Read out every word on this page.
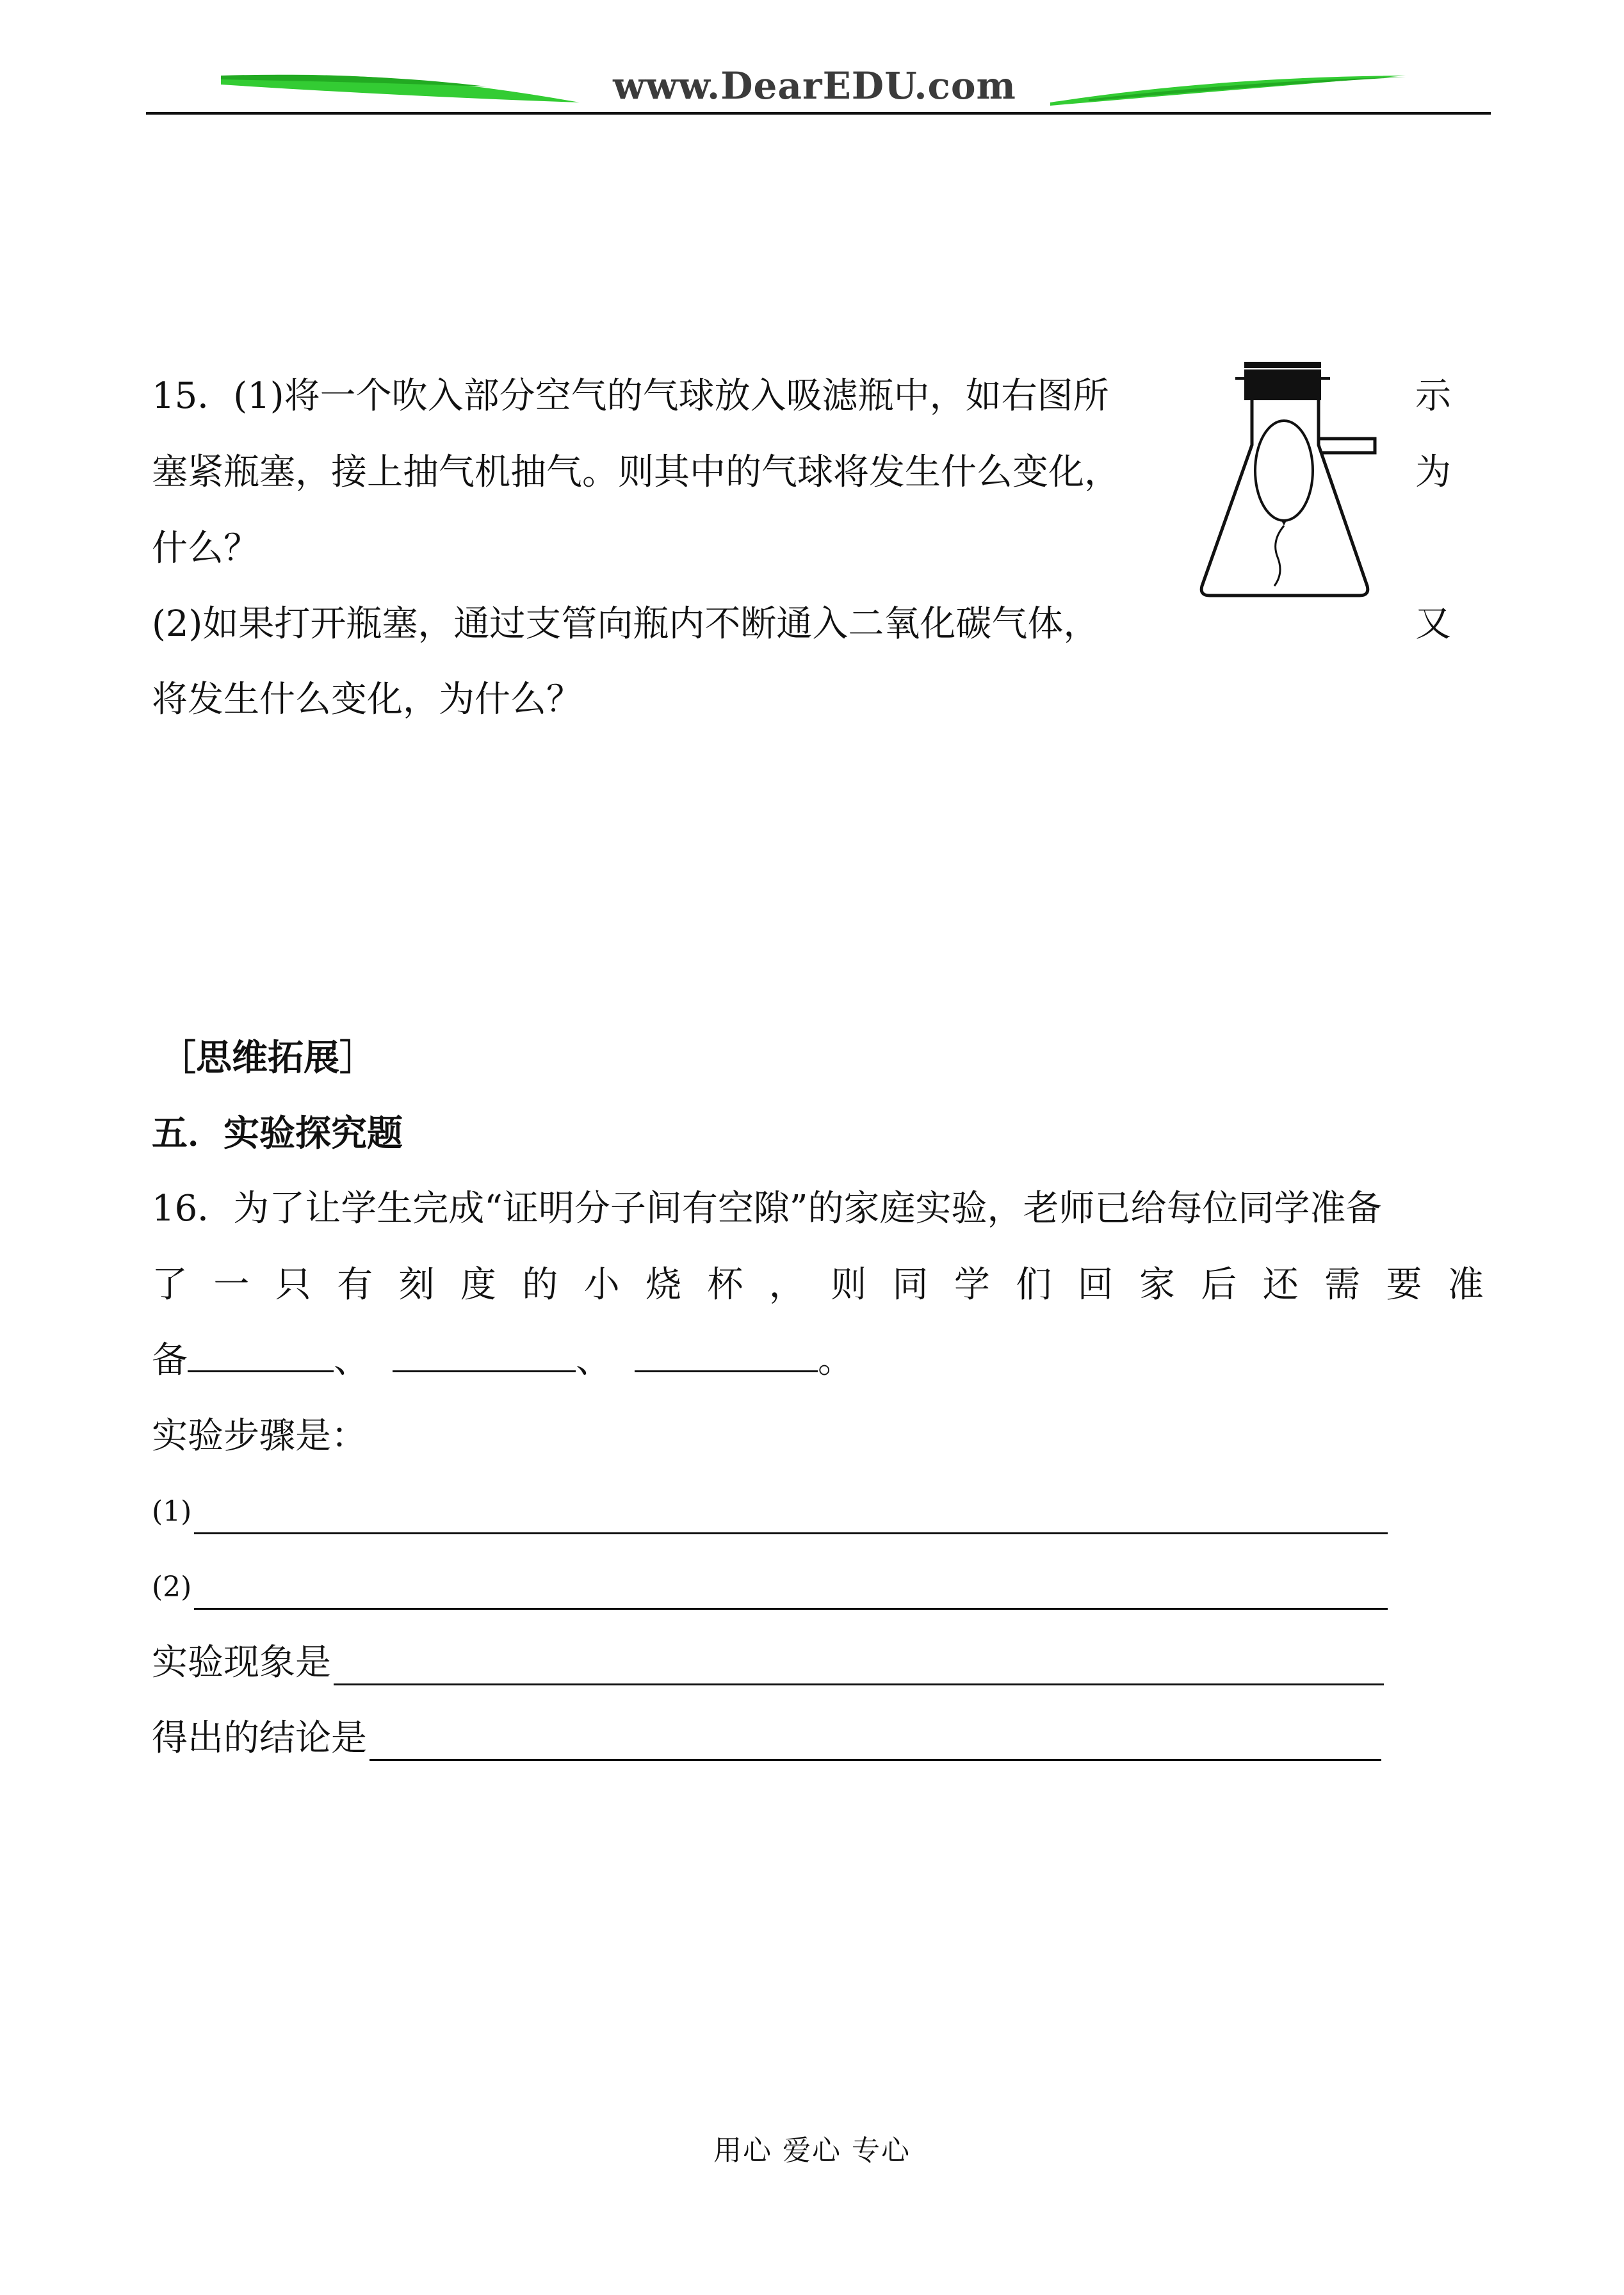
www.DearEDU.com
15．(1)将一个吹入部分空气的气球放入吸滤瓶中，如右图所	示
塞紧瓶塞，接上抽气机抽气。则其中的气球将发生什么变化，	为
什么？
(2)如果打开瓶塞，通过支管向瓶内不断通入二氧化碳气体，	又
将发生什么变化，为什么？
［思维拓展］
五．实验探究题
16．为了让学生完成“证明分子间有空隙”的家庭实验，老师已给每位同学准备
了 一 只 有 刻 度 的 小 烧 杯 ， 则 同 学 们 回 家 后 还 需 要 准
备	、	、	。
实验步骤是：
(1)
(2)
实验现象是
得出的结论是
用心 爱心 专心
